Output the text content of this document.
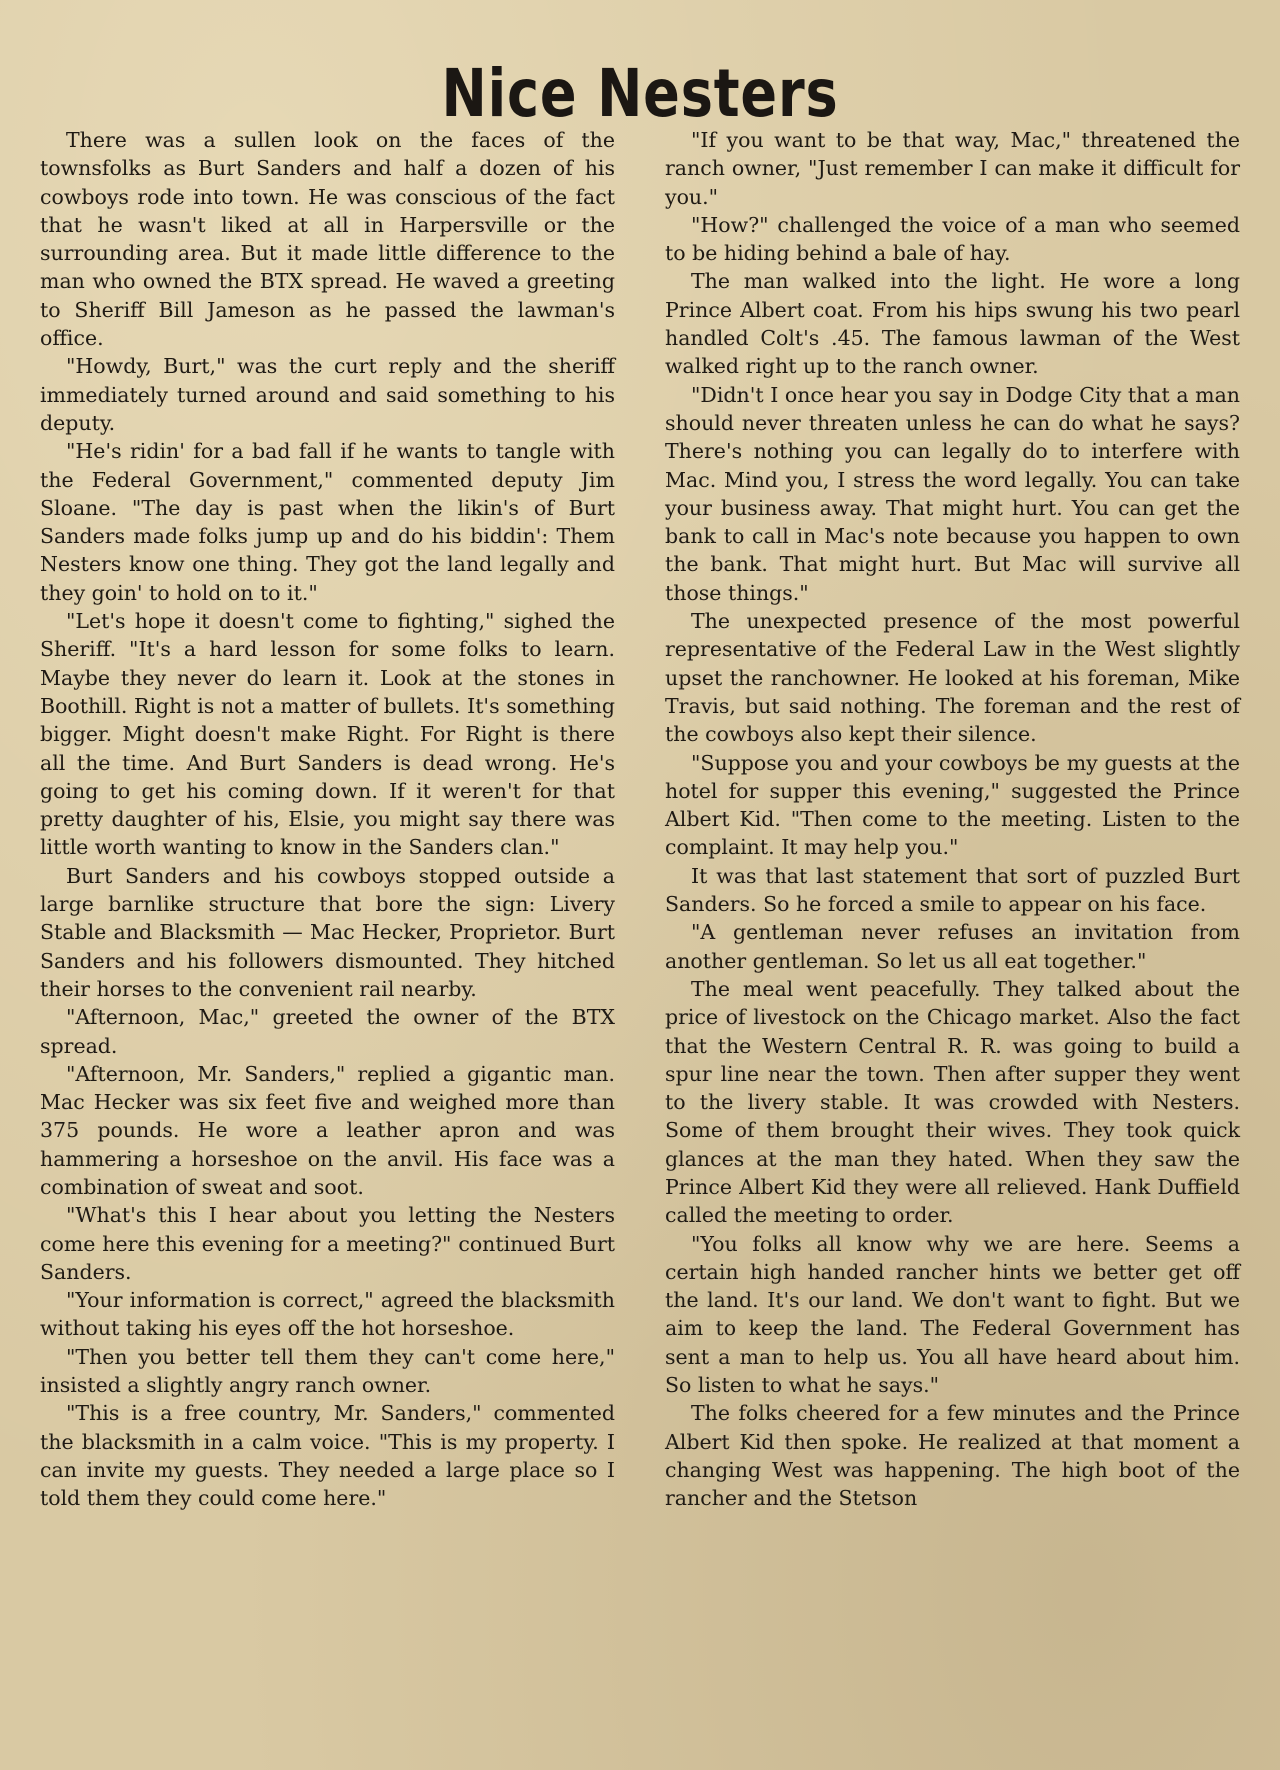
Nice Nesters

There was a sullen look on the faces of the townsfolks as Burt Sanders and half a dozen of his cowboys rode into town. He was conscious of the fact that he wasn't liked at all in Harpersville or the surrounding area. But it made little difference to the man who owned the BTX spread. He waved a greeting to Sheriff Bill Jameson as he passed the lawman's office.

"Howdy, Burt," was the curt reply and the sheriff immediately turned around and said something to his deputy.

"He's ridin' for a bad fall if he wants to tangle with the Federal Government," commented deputy Jim Sloane. "The day is past when the likin's of Burt Sanders made folks jump up and do his biddin': Them Nesters know one thing. They got the land legally and they goin' to hold on to it."

"Let's hope it doesn't come to fighting," sighed the Sheriff. "It's a hard lesson for some folks to learn. Maybe they never do learn it. Look at the stones in Boothill. Right is not a matter of bullets. It's something bigger. Might doesn't make Right. For Right is there all the time. And Burt Sanders is dead wrong. He's going to get his coming down. If it weren't for that pretty daughter of his, Elsie, you might say there was little worth wanting to know in the Sanders clan."

Burt Sanders and his cowboys stopped outside a large barnlike structure that bore the sign: Livery Stable and Blacksmith — Mac Hecker, Proprietor. Burt Sanders and his followers dismounted. They hitched their horses to the convenient rail nearby.

"Afternoon, Mac," greeted the owner of the BTX spread.

"Afternoon, Mr. Sanders," replied a gigantic man. Mac Hecker was six feet five and weighed more than 375 pounds. He wore a leather apron and was hammering a horseshoe on the anvil. His face was a combination of sweat and soot.

"What's this I hear about you letting the Nesters come here this evening for a meeting?" continued Burt Sanders.

"Your information is correct," agreed the blacksmith without taking his eyes off the hot horseshoe.

"Then you better tell them they can't come here," insisted a slightly angry ranch owner.

"This is a free country, Mr. Sanders," commented the blacksmith in a calm voice. "This is my property. I can invite my guests. They needed a large place so I told them they could come here."

"If you want to be that way, Mac," threatened the ranch owner, "Just remember I can make it difficult for you."

"How?" challenged the voice of a man who seemed to be hiding behind a bale of hay.

The man walked into the light. He wore a long Prince Albert coat. From his hips swung his two pearl handled Colt's .45. The famous lawman of the West walked right up to the ranch owner.

"Didn't I once hear you say in Dodge City that a man should never threaten unless he can do what he says? There's nothing you can legally do to interfere with Mac. Mind you, I stress the word legally. You can take your business away. That might hurt. You can get the bank to call in Mac's note because you happen to own the bank. That might hurt. But Mac will survive all those things."

The unexpected presence of the most powerful representative of the Federal Law in the West slightly upset the ranchowner. He looked at his foreman, Mike Travis, but said nothing. The foreman and the rest of the cowboys also kept their silence.

"Suppose you and your cowboys be my guests at the hotel for supper this evening," suggested the Prince Albert Kid. "Then come to the meeting. Listen to the complaint. It may help you."

It was that last statement that sort of puzzled Burt Sanders. So he forced a smile to appear on his face.

"A gentleman never refuses an invitation from another gentleman. So let us all eat together."

The meal went peacefully. They talked about the price of livestock on the Chicago market. Also the fact that the Western Central R. R. was going to build a spur line near the town. Then after supper they went to the livery stable. It was crowded with Nesters. Some of them brought their wives. They took quick glances at the man they hated. When they saw the Prince Albert Kid they were all relieved. Hank Duffield called the meeting to order.

"You folks all know why we are here. Seems a certain high handed rancher hints we better get off the land. It's our land. We don't want to fight. But we aim to keep the land. The Federal Government has sent a man to help us. You all have heard about him. So listen to what he says."

The folks cheered for a few minutes and the Prince Albert Kid then spoke. He realized at that moment a changing West was happening. The high boot of the rancher and the Stetson
